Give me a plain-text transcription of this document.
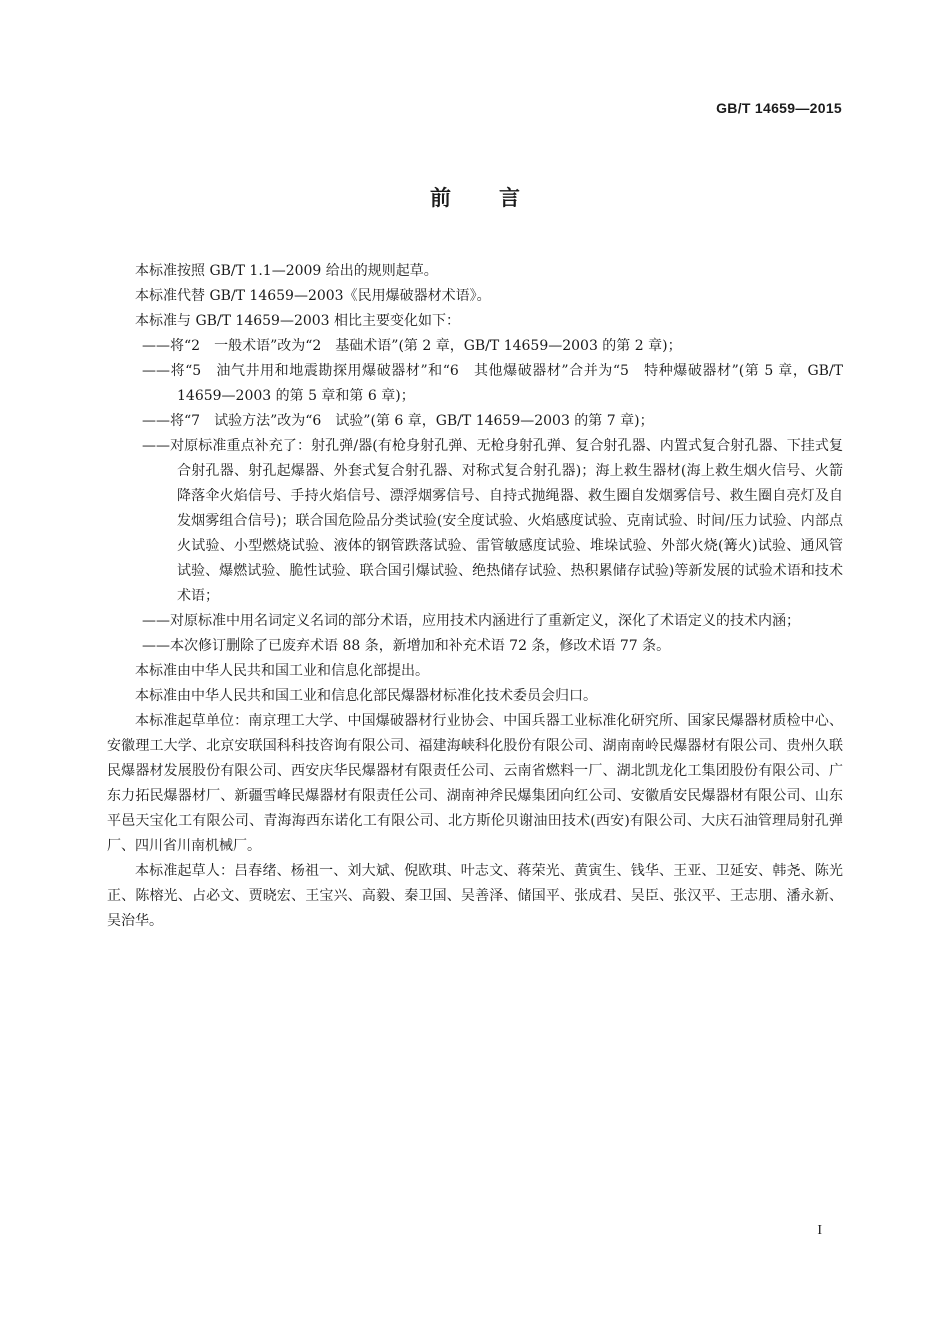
GB/T 14659—2015
前言

本标准按照 GB/T 1.1—2009 给出的规则起草。

本标准代替 GB/T 14659—2003《民用爆破器材术语》。

本标准与 GB/T 14659—2003 相比主要变化如下：

——将“2　一般术语”改为“2　基础术语”(第 2 章，GB/T 14659—2003 的第 2 章)；

——将“5　油气井用和地震勘探用爆破器材”和“6　其他爆破器材”合并为“5　特种爆破器材”(第 5 章，GB/T 14659—2003 的第 5 章和第 6 章)；

——将“7　试验方法”改为“6　试验”(第 6 章，GB/T 14659—2003 的第 7 章)；

——对原标准重点补充了：射孔弹/器(有枪身射孔弹、无枪身射孔弹、复合射孔器、内置式复合射孔器、下挂式复合射孔器、射孔起爆器、外套式复合射孔器、对称式复合射孔器)；海上救生器材(海上救生烟火信号、火箭降落伞火焰信号、手持火焰信号、漂浮烟雾信号、自持式抛绳器、救生圈自发烟雾信号、救生圈自亮灯及自发烟雾组合信号)；联合国危险品分类试验(安全度试验、火焰感度试验、克南试验、时间/压力试验、内部点火试验、小型燃烧试验、液体的钢管跌落试验、雷管敏感度试验、堆垛试验、外部火烧(篝火)试验、通风管试验、爆燃试验、脆性试验、联合国引爆试验、绝热储存试验、热积累储存试验)等新发展的试验术语和技术术语；

——对原标准中用名词定义名词的部分术语，应用技术内涵进行了重新定义，深化了术语定义的技术内涵；

——本次修订删除了已废弃术语 88 条，新增加和补充术语 72 条，修改术语 77 条。

本标准由中华人民共和国工业和信息化部提出。

本标准由中华人民共和国工业和信息化部民爆器材标准化技术委员会归口。

本标准起草单位：南京理工大学、中国爆破器材行业协会、中国兵器工业标准化研究所、国家民爆器材质检中心、安徽理工大学、北京安联国科科技咨询有限公司、福建海峡科化股份有限公司、湖南南岭民爆器材有限公司、贵州久联民爆器材发展股份有限公司、西安庆华民爆器材有限责任公司、云南省燃料一厂、湖北凯龙化工集团股份有限公司、广东力拓民爆器材厂、新疆雪峰民爆器材有限责任公司、湖南神斧民爆集团向红公司、安徽盾安民爆器材有限公司、山东平邑天宝化工有限公司、青海海西东诺化工有限公司、北方斯伦贝谢油田技术(西安)有限公司、大庆石油管理局射孔弹厂、四川省川南机械厂。

本标准起草人：吕春绪、杨祖一、刘大斌、倪欧琪、叶志文、蒋荣光、黄寅生、钱华、王亚、卫延安、韩尧、陈光正、陈榕光、占必文、贾晓宏、王宝兴、高毅、秦卫国、吴善泽、储国平、张成君、吴臣、张汉平、王志朋、潘永新、吴治华。

I
